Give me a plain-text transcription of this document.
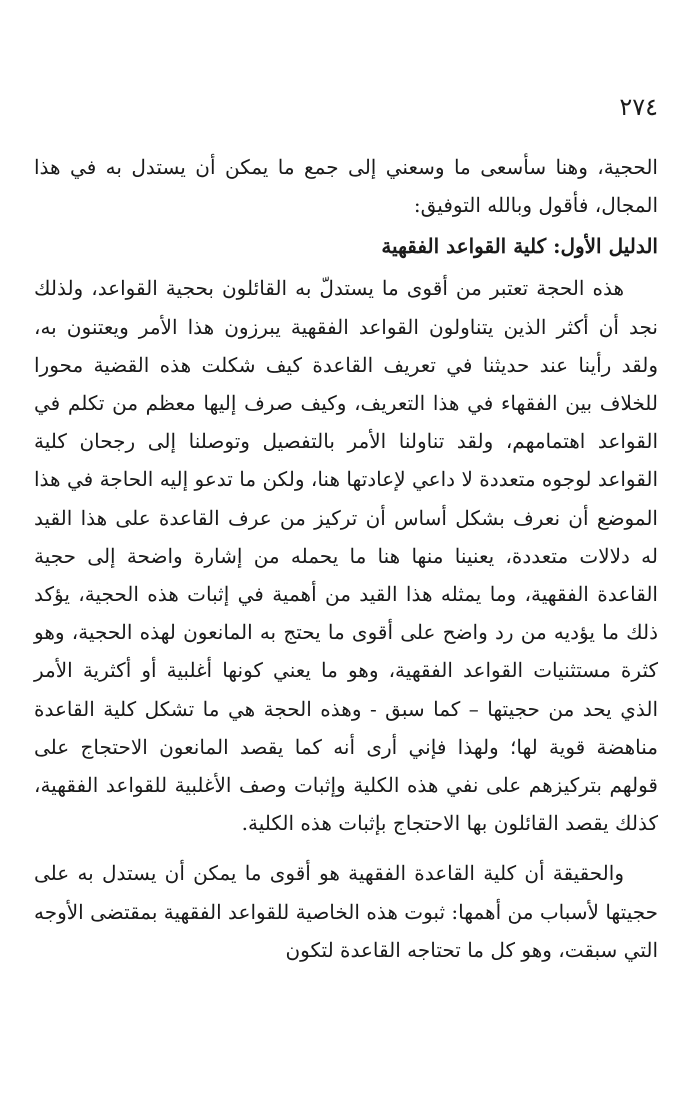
٢٧٤

الحجية، وهنا سأسعى ما وسعني إلى جمع ما يمكن أن يستدل به في هذا المجال، فأقول وبالله التوفيق:

الدليل الأول: كلية القواعد الفقهية

هذه الحجة تعتبر من أقوى ما يستدلّ به القائلون بحجية القواعد، ولذلك نجد أن أكثر الذين يتناولون القواعد الفقهية يبرزون هذا الأمر ويعتنون به، ولقد رأينا عند حديثنا في تعريف القاعدة كيف شكلت هذه القضية محورا للخلاف بين الفقهاء في هذا التعريف، وكيف صرف إليها معظم من تكلم في القواعد اهتمامهم، ولقد تناولنا الأمر بالتفصيل وتوصلنا إلى رجحان كلية القواعد لوجوه متعددة لا داعي لإعادتها هنا، ولكن ما تدعو إليه الحاجة في هذا الموضع أن نعرف بشكل أساس أن تركيز من عرف القاعدة على هذا القيد له دلالات متعددة، يعنينا منها هنا ما يحمله من إشارة واضحة إلى حجية القاعدة الفقهية، وما يمثله هذا القيد من أهمية في إثبات هذه الحجية، يؤكد ذلك ما يؤديه من رد واضح على أقوى ما يحتج به المانعون لهذه الحجية، وهو كثرة مستثنيات القواعد الفقهية، وهو ما يعني كونها أغلبية أو أكثرية الأمر الذي يحد من حجيتها – كما سبق - وهذه الحجة هي ما تشكل كلية القاعدة مناهضة قوية لها؛ ولهذا فإني أرى أنه كما يقصد المانعون الاحتجاج على قولهم بتركيزهم على نفي هذه الكلية وإثبات وصف الأغلبية للقواعد الفقهية، كذلك يقصد القائلون بها الاحتجاج بإثبات هذه الكلية.

والحقيقة أن كلية القاعدة الفقهية هو أقوى ما يمكن أن يستدل به على حجيتها لأسباب من أهمها: ثبوت هذه الخاصية للقواعد الفقهية بمقتضى الأوجه التي سبقت، وهو كل ما تحتاجه القاعدة لتكون
